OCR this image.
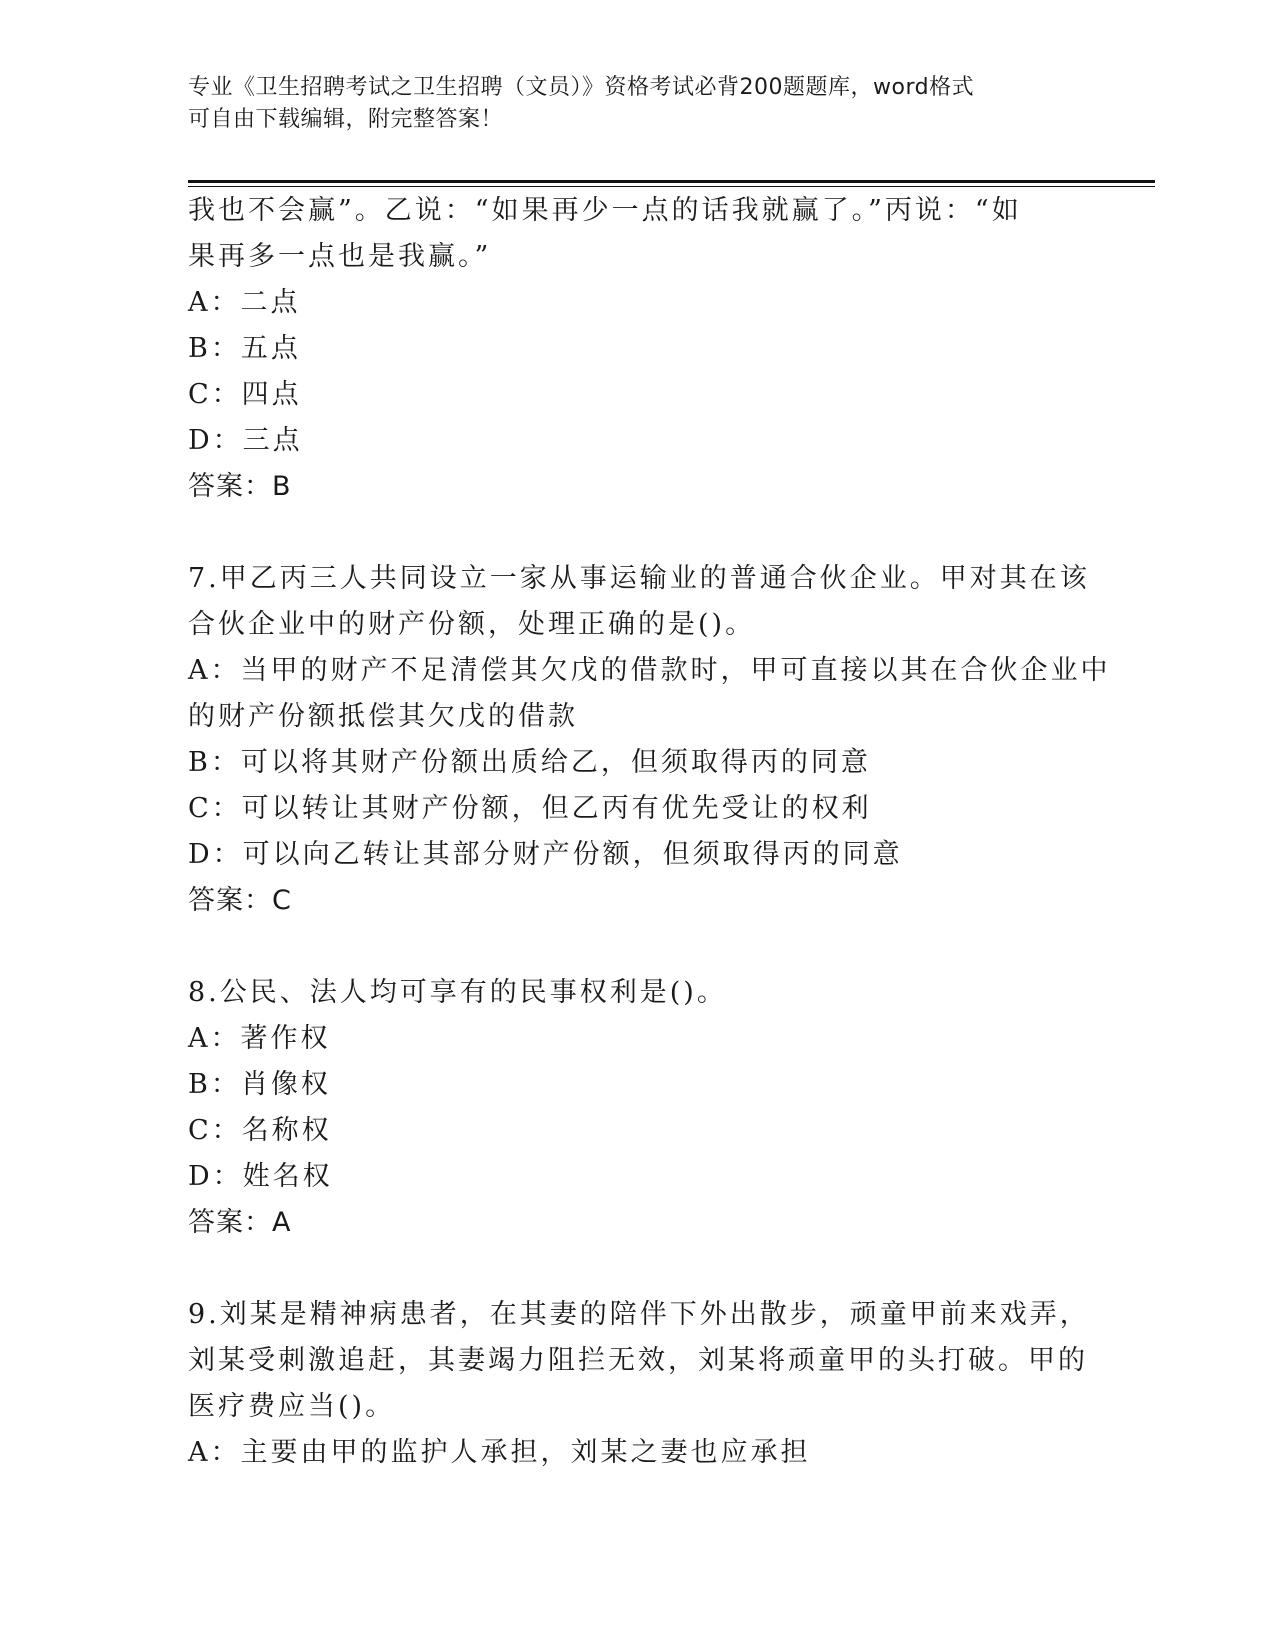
专业《卫生招聘考试之卫生招聘（文员）》资格考试必背200题题库，word格式
可自由下载编辑，附完整答案！
我也不会赢”。乙说：“如果再少一点的话我就赢了。”丙说：“如
果再多一点也是我赢。”
A：二点
B：五点
C：四点
D：三点
答案：B
7.甲乙丙三人共同设立一家从事运输业的普通合伙企业。甲对其在该
合伙企业中的财产份额，处理正确的是()。
A：当甲的财产不足清偿其欠戊的借款时，甲可直接以其在合伙企业中
的财产份额抵偿其欠戊的借款
B：可以将其财产份额出质给乙，但须取得丙的同意
C：可以转让其财产份额，但乙丙有优先受让的权利
D：可以向乙转让其部分财产份额，但须取得丙的同意
答案：C
8.公民、法人均可享有的民事权利是()。
A：著作权
B：肖像权
C：名称权
D：姓名权
答案：A
9.刘某是精神病患者，在其妻的陪伴下外出散步，顽童甲前来戏弄，
刘某受刺激追赶，其妻竭力阻拦无效，刘某将顽童甲的头打破。甲的
医疗费应当()。
A：主要由甲的监护人承担，刘某之妻也应承担
